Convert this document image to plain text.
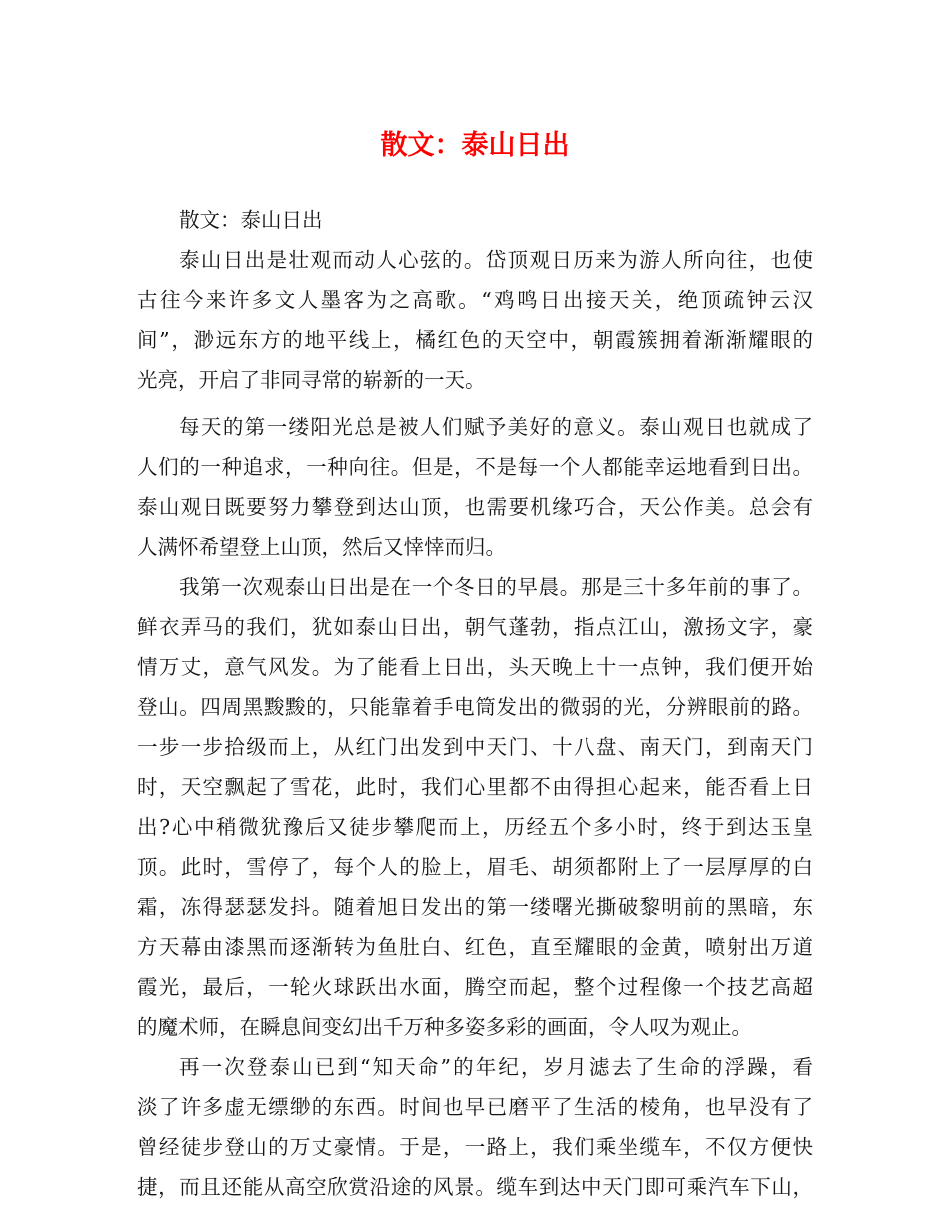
散文：泰山日出
散文：泰山日出
泰山日出是壮观而动人心弦的。岱顶观日历来为游人所向往，也使
古往今来许多文人墨客为之高歌。“鸡鸣日出接天关，绝顶疏钟云汉
间”，渺远东方的地平线上，橘红色的天空中，朝霞簇拥着渐渐耀眼的
光亮，开启了非同寻常的崭新的一天。
每天的第一缕阳光总是被人们赋予美好的意义。泰山观日也就成了
人们的一种追求，一种向往。但是，不是每一个人都能幸运地看到日出。
泰山观日既要努力攀登到达山顶，也需要机缘巧合，天公作美。总会有
人满怀希望登上山顶，然后又悻悻而归。
我第一次观泰山日出是在一个冬日的早晨。那是三十多年前的事了。
鲜衣弄马的我们，犹如泰山日出，朝气蓬勃，指点江山，激扬文字，豪
情万丈，意气风发。为了能看上日出，头天晚上十一点钟，我们便开始
登山。四周黑黢黢的，只能靠着手电筒发出的微弱的光，分辨眼前的路。
一步一步拾级而上，从红门出发到中天门、十八盘、南天门，到南天门
时，天空飘起了雪花，此时，我们心里都不由得担心起来，能否看上日
出?心中稍微犹豫后又徒步攀爬而上，历经五个多小时，终于到达玉皇
顶。此时，雪停了，每个人的脸上，眉毛、胡须都附上了一层厚厚的白
霜，冻得瑟瑟发抖。随着旭日发出的第一缕曙光撕破黎明前的黑暗，东
方天幕由漆黑而逐渐转为鱼肚白、红色，直至耀眼的金黄，喷射出万道
霞光，最后，一轮火球跃出水面，腾空而起，整个过程像一个技艺高超
的魔术师，在瞬息间变幻出千万种多姿多彩的画面，令人叹为观止。
再一次登泰山已到“知天命”的年纪，岁月滤去了生命的浮躁，看
淡了许多虚无缥缈的东西。时间也早已磨平了生活的棱角，也早没有了
曾经徒步登山的万丈豪情。于是，一路上，我们乘坐缆车，不仅方便快
捷，而且还能从高空欣赏沿途的风景。缆车到达中天门即可乘汽车下山，
